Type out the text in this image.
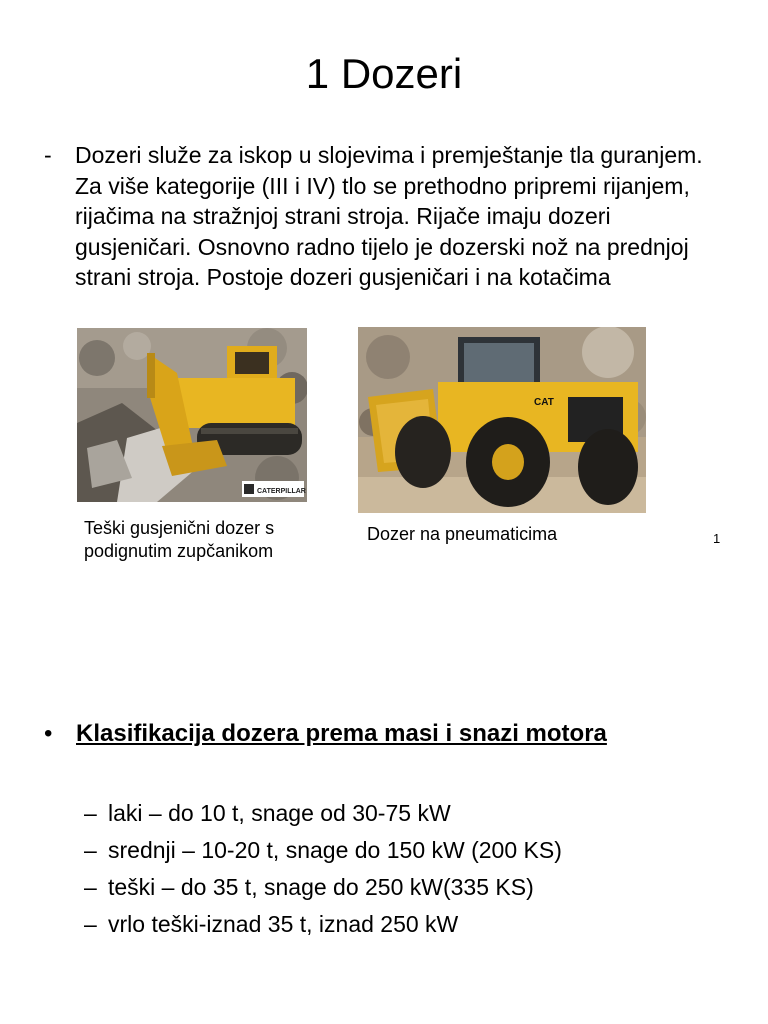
1 Dozeri
- Dozeri služe za iskop u slojevima i premještanje tla guranjem. Za više kategorije (III i IV) tlo se prethodno pripremi rijanjem, rijačima na stražnjoj strani stroja. Rijače imaju dozeri gusjeničari. Osnovno radno tijelo je dozerski nož na prednjoj strani stroja. Postoje dozeri gusjeničari i na kotačima
CATERPILLAR
CAT
Teški gusjenični dozer s podignutim zupčanikom
Dozer na pneumaticima	1
• Klasifikacija dozera prema masi i snazi motora
– laki – do 10 t, snage od 30-75 kW
– srednji – 10-20 t, snage do 150 kW (200 KS)
– teški – do 35 t, snage do 250 kW(335 KS)
– vrlo teški-iznad 35 t, iznad 250 kW
